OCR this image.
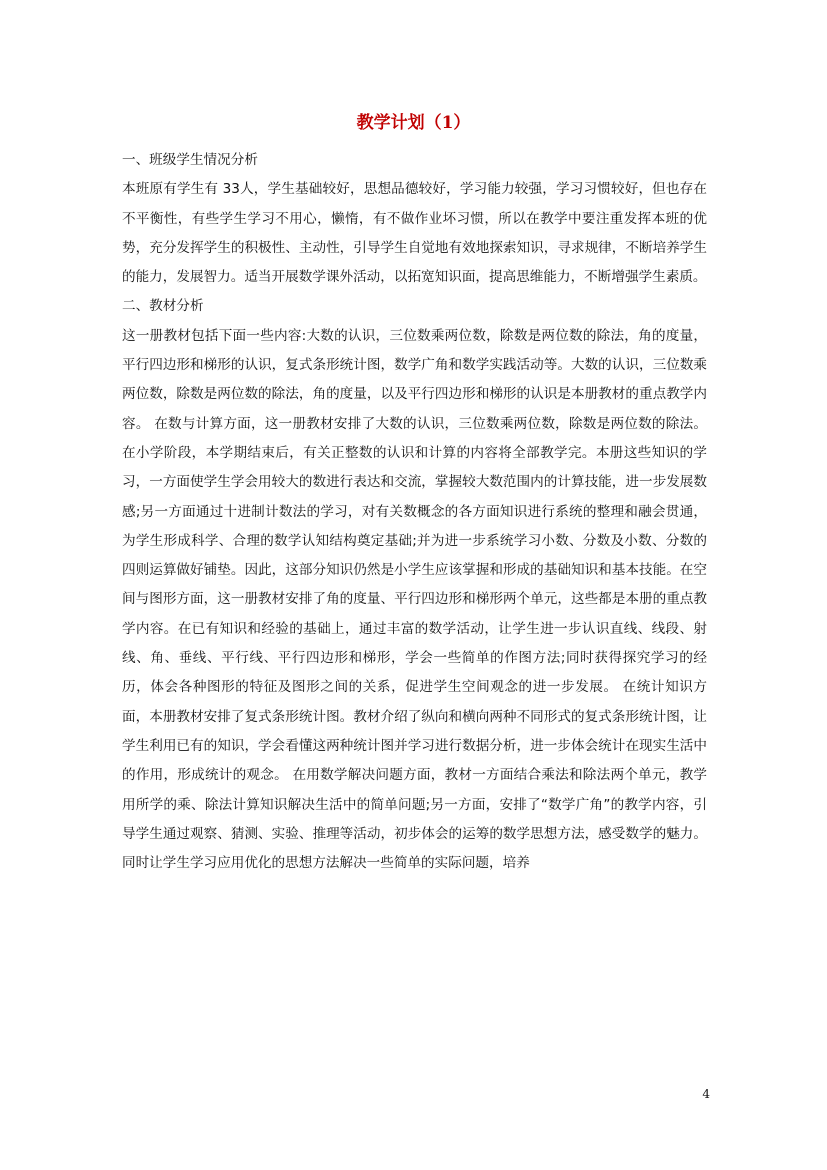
教学计划（1）

一、班级学生情况分析

本班原有学生有 33人，学生基础较好，思想品德较好，学习能力较强，学习习惯较好，但也存在不平衡性，有些学生学习不用心，懒惰，有不做作业坏习惯，所以在教学中要注重发挥本班的优势，充分发挥学生的积极性、主动性，引导学生自觉地有效地探索知识，寻求规律，不断培养学生的能力，发展智力。适当开展数学课外活动，以拓宽知识面，提高思维能力，不断增强学生素质。

二、教材分析

这一册教材包括下面一些内容:大数的认识，三位数乘两位数，除数是两位数的除法，角的度量，平行四边形和梯形的认识，复式条形统计图，数学广角和数学实践活动等。大数的认识，三位数乘两位数，除数是两位数的除法，角的度量，以及平行四边形和梯形的认识是本册教材的重点教学内容。 在数与计算方面，这一册教材安排了大数的认识，三位数乘两位数，除数是两位数的除法。在小学阶段，本学期结束后，有关正整数的认识和计算的内容将全部教学完。本册这些知识的学习，一方面使学生学会用较大的数进行表达和交流，掌握较大数范围内的计算技能，进一步发展数感;另一方面通过十进制计数法的学习，对有关数概念的各方面知识进行系统的整理和融会贯通，为学生形成科学、合理的数学认知结构奠定基础;并为进一步系统学习小数、分数及小数、分数的四则运算做好铺垫。因此，这部分知识仍然是小学生应该掌握和形成的基础知识和基本技能。在空间与图形方面，这一册教材安排了角的度量、平行四边形和梯形两个单元，这些都是本册的重点教学内容。在已有知识和经验的基础上，通过丰富的数学活动，让学生进一步认识直线、线段、射线、角、垂线、平行线、平行四边形和梯形，学会一些简单的作图方法;同时获得探究学习的经历，体会各种图形的特征及图形之间的关系，促进学生空间观念的进一步发展。 在统计知识方面，本册教材安排了复式条形统计图。教材介绍了纵向和横向两种不同形式的复式条形统计图，让学生利用已有的知识，学会看懂这两种统计图并学习进行数据分析，进一步体会统计在现实生活中的作用，形成统计的观念。 在用数学解决问题方面，教材一方面结合乘法和除法两个单元，教学用所学的乘、除法计算知识解决生活中的简单问题;另一方面，安排了“数学广角”的教学内容，引导学生通过观察、猜测、实验、推理等活动，初步体会的运筹的数学思想方法，感受数学的魅力。同时让学生学习应用优化的思想方法解决一些简单的实际问题，培养

4
